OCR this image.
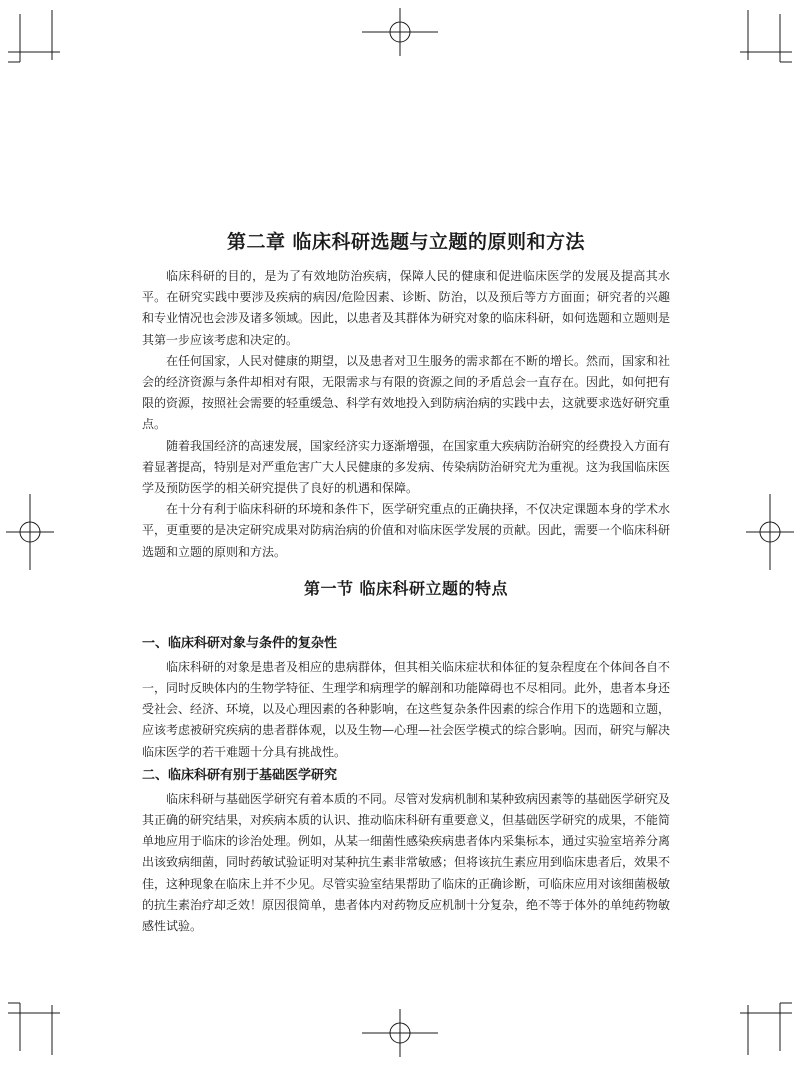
第二章 临床科研选题与立题的原则和方法

临床科研的目的，是为了有效地防治疾病，保障人民的健康和促进临床医学的发展及提高其水平。在研究实践中要涉及疾病的病因/危险因素、诊断、防治，以及预后等方方面面；研究者的兴趣和专业情况也会涉及诸多领域。因此，以患者及其群体为研究对象的临床科研，如何选题和立题则是其第一步应该考虑和决定的。

在任何国家，人民对健康的期望，以及患者对卫生服务的需求都在不断的增长。然而，国家和社会的经济资源与条件却相对有限，无限需求与有限的资源之间的矛盾总会一直存在。因此，如何把有限的资源，按照社会需要的轻重缓急、科学有效地投入到防病治病的实践中去，这就要求选好研究重点。

随着我国经济的高速发展，国家经济实力逐渐增强，在国家重大疾病防治研究的经费投入方面有着显著提高，特别是对严重危害广大人民健康的多发病、传染病防治研究尤为重视。这为我国临床医学及预防医学的相关研究提供了良好的机遇和保障。

在十分有利于临床科研的环境和条件下，医学研究重点的正确抉择，不仅决定课题本身的学术水平，更重要的是决定研究成果对防病治病的价值和对临床医学发展的贡献。因此，需要一个临床科研选题和立题的原则和方法。

第一节 临床科研立题的特点
一、临床科研对象与条件的复杂性

临床科研的对象是患者及相应的患病群体，但其相关临床症状和体征的复杂程度在个体间各自不一，同时反映体内的生物学特征、生理学和病理学的解剖和功能障碍也不尽相同。此外，患者本身还受社会、经济、环境，以及心理因素的各种影响，在这些复杂条件因素的综合作用下的选题和立题，应该考虑被研究疾病的患者群体观，以及生物—心理—社会医学模式的综合影响。因而，研究与解决临床医学的若干难题十分具有挑战性。

二、临床科研有别于基础医学研究

临床科研与基础医学研究有着本质的不同。尽管对发病机制和某种致病因素等的基础医学研究及其正确的研究结果，对疾病本质的认识、推动临床科研有重要意义，但基础医学研究的成果，不能简单地应用于临床的诊治处理。例如，从某一细菌性感染疾病患者体内采集标本，通过实验室培养分离出该致病细菌，同时药敏试验证明对某种抗生素非常敏感；但将该抗生素应用到临床患者后，效果不佳，这种现象在临床上并不少见。尽管实验室结果帮助了临床的正确诊断，可临床应用对该细菌极敏的抗生素治疗却乏效！原因很简单，患者体内对药物反应机制十分复杂，绝不等于体外的单纯药物敏感性试验。
